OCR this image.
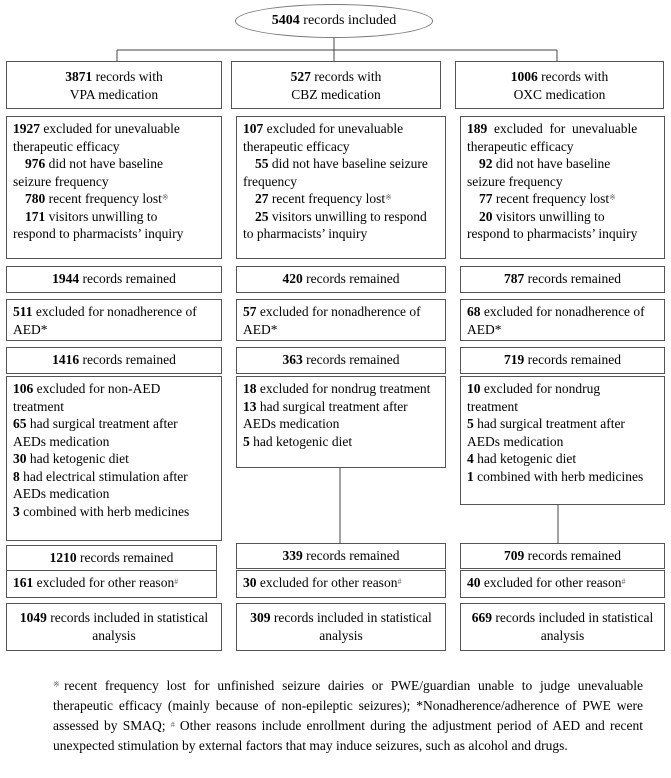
5404 records included
3871 records with
VPA medication
1927 excluded for unevaluable
therapeutic efficacy
976 did not have baseline
seizure frequency
780 recent frequency lost※
171 visitors unwilling to
respond to pharmacists’ inquiry
1944 records remained
511 excluded for nonadherence of
AED*
1416 records remained
106 excluded for non-AED
treatment
65 had surgical treatment after
AEDs medication
30 had ketogenic diet
8 had electrical stimulation after
AEDs medication
3 combined with herb medicines
1210 records remained
161 excluded for other reason#
1049 records included in statistical
analysis
527 records with
CBZ medication
107 excluded for unevaluable
therapeutic efficacy
55 did not have baseline seizure
frequency
27 recent frequency lost※
25 visitors unwilling to respond
to pharmacists’ inquiry
420 records remained
57 excluded for nonadherence of
AED*
363 records remained
18 excluded for nondrug treatment
13 had surgical treatment after
AEDs medication
5 had ketogenic diet
339 records remained
30 excluded for other reason#
309 records included in statistical
analysis
1006 records with
OXC medication
189  excluded  for  unevaluable
therapeutic efficacy
92 did not have baseline
seizure frequency
77 recent frequency lost※
20 visitors unwilling to
respond to pharmacists’ inquiry
787 records remained
68 excluded for nonadherence of
AED*
719 records remained
10 excluded for nondrug
treatment
5 had surgical treatment after
AEDs medication
4 had ketogenic diet
1 combined with herb medicines
709 records remained
40 excluded for other reason#
669 records included in statistical
analysis
※recent frequency lost for unfinished seizure dairies or PWE/guardian unable to judge unevaluable therapeutic efficacy (mainly because of non-epileptic seizures); *Nonadherence/adherence of PWE were assessed by SMAQ; # Other reasons include enrollment during the adjustment period of AED and recent unexpected stimulation by external factors that may induce seizures, such as alcohol and drugs.
